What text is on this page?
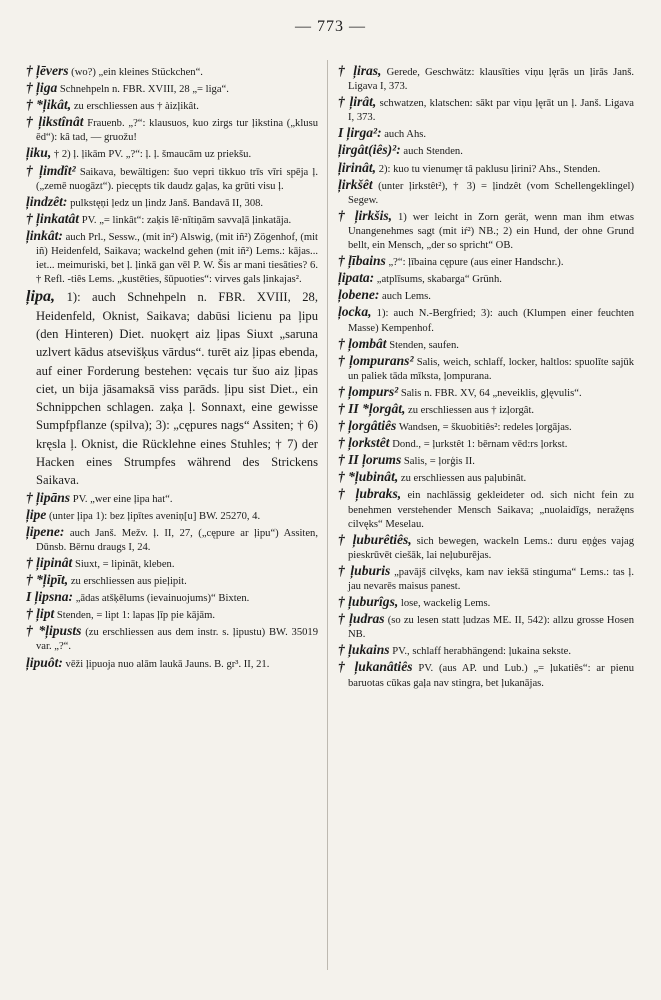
— 773 —
† ļēvers (wo?) „ein kleines Stückchen“.
† ļiga Schnehpeln n. FBR. XVIII, 28 „= liga“.
† *ļikât, zu erschliessen aus † àizļikât.
† ļikstînât Frauenb. „?“: klausuos, kuo zirgs tur ļikstina („klusu ēd“): kâ tad, — gruožu!
ļiku, † 2) ļ. ļikām PV. „?“: ļ. ļ. šmaucām uz priekšu.
† ļimdît² Saikava, bewältigen: šuo vepri tikkuo trīs vīri spēja ļ. („zemē nuogāzt“). piecępts tik daudz gaļas, ka grūti visu ļ.
ļindzêt: pulkstęņi ļedz un ļindz Janš. Bandavā II, 308.
† ļinkatât PV. „= linkât“: zaķis lē·nītiņām savvaļā ļinkatāja.
ļinkât: auch Prl., Sessw., (mit in²) Alswig, (mit iñ²) Zögenhof, (mit iñ) Heidenfeld, Saikava; wackelnd gehen (mit iñ²) Lems.: kājas... iet... meimuriski, bet ļ. ļinkā gan vēl P. W. Šis ar mani tiesāties? 6. † Refl. -tiês Lems. „kustēties, šūpuoties“: virves gals ļinkajas².
ļipa, 1): auch Schnehpeln n. FBR. XVIII, 28, Heidenfeld, Oknist, Saikava; dabūsi licienu pa ļipu (den Hinteren) Diet. nuokęrt aiz ļipas Siuxt „saruna uzlvert kādus atsevišķus vārdus“. turēt aiz ļipas ebenda, auf einer Forderung bestehen: vęcais tur šuo aiz ļipas ciet, un bija jāsamaksā viss parāds. ļipu sist Diet., ein Schnippchen schlagen. zaķa ļ. Sonnaxt, eine gewisse Sumpfpflanze (spilva); 3): „cępures nags“ Assiten; † 6) kręsla ļ. Oknist, die Rücklehne eines Stuhles; † 7) der Hacken eines Strumpfes während des Strickens Saikava.
† ļipāns PV. „wer eine ļipa hat“.
ļipe (unter ļipa 1): bez ļipītes aveniņ[u] BW. 25270, 4.
ļipene: auch Janš. Mežv. ļ. II, 27, („cępure ar ļipu“) Assiten, Dūnsb. Bērnu draugs I, 24.
† ļipinât Siuxt, = lipināt, kleben.
† *ļipīt, zu erschliessen aus pieļipit.
I ļipsna: „ādas atšķēlums (ievainuojums)“ Bixten.
† ļipt Stenden, = lipt 1: lapas ļīp pie kājām.
† *ļipusts (zu erschliessen aus dem instr. s. ļipustu) BW. 35019 var. „?“.
ļipuôt: vēži ļipuoja nuo alām laukā Jauns. B. gr³. II, 21.
† ļiras, Gerede, Geschwätz: klausīties viņu ļęrās un ļirās Janš. Ligava I, 373.
† ļirât, schwatzen, klatschen: sākt par viņu ļęrāt un ļ. Janš. Ligava I, 373.
I ļirga²: auch Ahs.
ļirgât(iês)²: auch Stenden.
ļirinât, 2): kuo tu vienumęr tâ paklusu ļirini? Ahs., Stenden.
ļirkšêt (unter ļirkstêt²), † 3) = ļindzêt (vom Schellengeklingel) Segew.
† ļirkšis, 1) wer leicht in Zorn gerät, wenn man ihm etwas Unangenehmes sagt (mit iŕ²) NB.; 2) ein Hund, der ohne Grund bellt, ein Mensch, „der so spricht“ OB.
† ļībains „?“: ļībaina cępure (aus einer Handschr.).
ļipata: „atplīsums, skabarga“ Grünh.
ļobene: auch Lems.
ļocka, 1): auch N.-Bergfried; 3): auch (Klumpen einer feuchten Masse) Kempenhof.
† ļombât Stenden, saufen.
† ļompurans² Salis, weich, schlaff, locker, haltlos: spuolīte sajūk un paliek tāda mīksta, ļompurana.
† ļompurs² Salis n. FBR. XV, 64 „neveiklis, gļęvulis“.
† II *ļorgât, zu erschliessen aus † izļorgât.
† ļorgâtiês Wandsen, = škuobitiês²: redeles ļorgājas.
† ļorkstêt Dond., = ļurkstêt 1: bērnam vēd:rs ļorkst.
† II ļorums Salis, = ļorģis II.
† *ļubinât, zu erschliessen aus paļubinât.
† ļubraks, ein nachlässig gekleideter od. sich nicht fein zu benehmen verstehender Mensch Saikava; „nuolaidīgs, neražęns cilvęks“ Meselau.
† ļuburêtiês, sich bewegen, wackeln Lems.: duru eņģes vajag pieskrūvēt ciešāk, lai neļuburējas.
† ļuburis „pavājš cilvęks, kam nav iekšā stinguma“ Lems.: tas ļ. jau nevarēs maisus panest.
† ļuburîgs, lose, wackelig Lems.
† ļudras (so zu lesen statt ļudzas ME. II, 542): allzu grosse Hosen NB.
† ļukains PV., schlaff herabhängend: ļukaina sekste.
† ļukanâtiês PV. (aus AP. und Lub.) „= ļukatiês“: ar pienu baruotas cūkas gaļa nav stingra, bet ļukanājas.
